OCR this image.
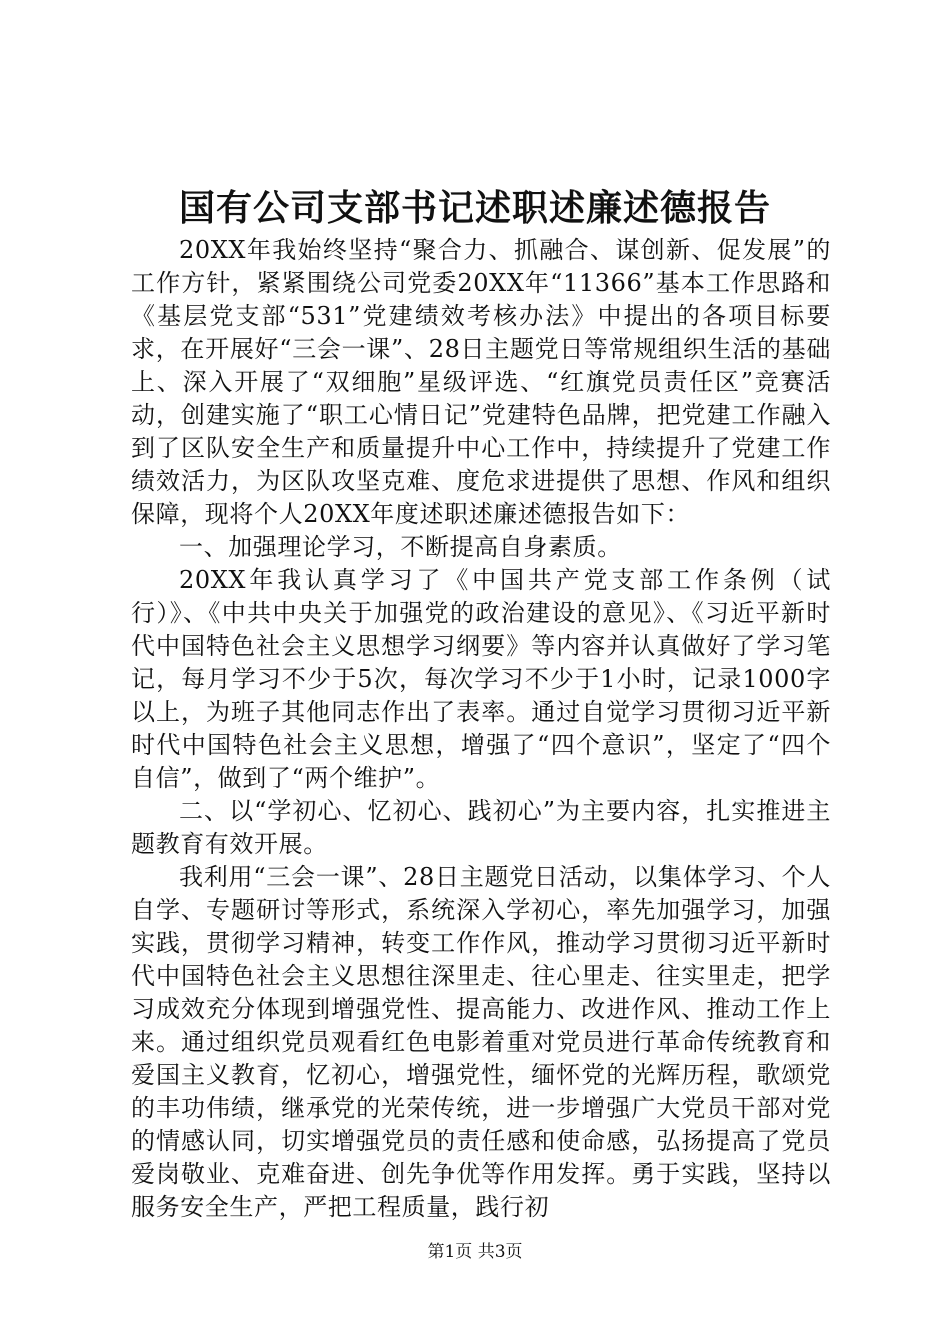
国有公司支部书记述职述廉述德报告

20XX年我始终坚持“聚合力、抓融合、谋创新、促发展”的工作方针，紧紧围绕公司党委20XX年“11366”基本工作思路和《基层党支部“531”党建绩效考核办法》中提出的各项目标要求，在开展好“三会一课”、28日主题党日等常规组织生活的基础上、深入开展了“双细胞”星级评选、“红旗党员责任区”竞赛活动，创建实施了“职工心情日记”党建特色品牌，把党建工作融入到了区队安全生产和质量提升中心工作中，持续提升了党建工作绩效活力，为区队攻坚克难、度危求进提供了思想、作风和组织保障，现将个人20XX年度述职述廉述德报告如下：

一、加强理论学习，不断提高自身素质。

20XX年我认真学习了《中国共产党支部工作条例（试行）》、《中共中央关于加强党的政治建设的意见》、《习近平新时代中国特色社会主义思想学习纲要》等内容并认真做好了学习笔记，每月学习不少于5次，每次学习不少于1小时，记录1000字以上，为班子其他同志作出了表率。通过自觉学习贯彻习近平新时代中国特色社会主义思想，增强了“四个意识”，坚定了“四个自信”，做到了“两个维护”。

二、以“学初心、忆初心、践初心”为主要内容，扎实推进主题教育有效开展。

我利用“三会一课”、28日主题党日活动，以集体学习、个人自学、专题研讨等形式，系统深入学初心，率先加强学习，加强实践，贯彻学习精神，转变工作作风，推动学习贯彻习近平新时代中国特色社会主义思想往深里走、往心里走、往实里走，把学习成效充分体现到增强党性、提高能力、改进作风、推动工作上来。通过组织党员观看红色电影着重对党员进行革命传统教育和爱国主义教育，忆初心，增强党性，缅怀党的光辉历程，歌颂党的丰功伟绩，继承党的光荣传统，进一步增强广大党员干部对党的情感认同，切实增强党员的责任感和使命感，弘扬提高了党员爱岗敬业、克难奋进、创先争优等作用发挥。勇于实践，坚持以服务安全生产，严把工程质量，践行初

第1页 共3页
